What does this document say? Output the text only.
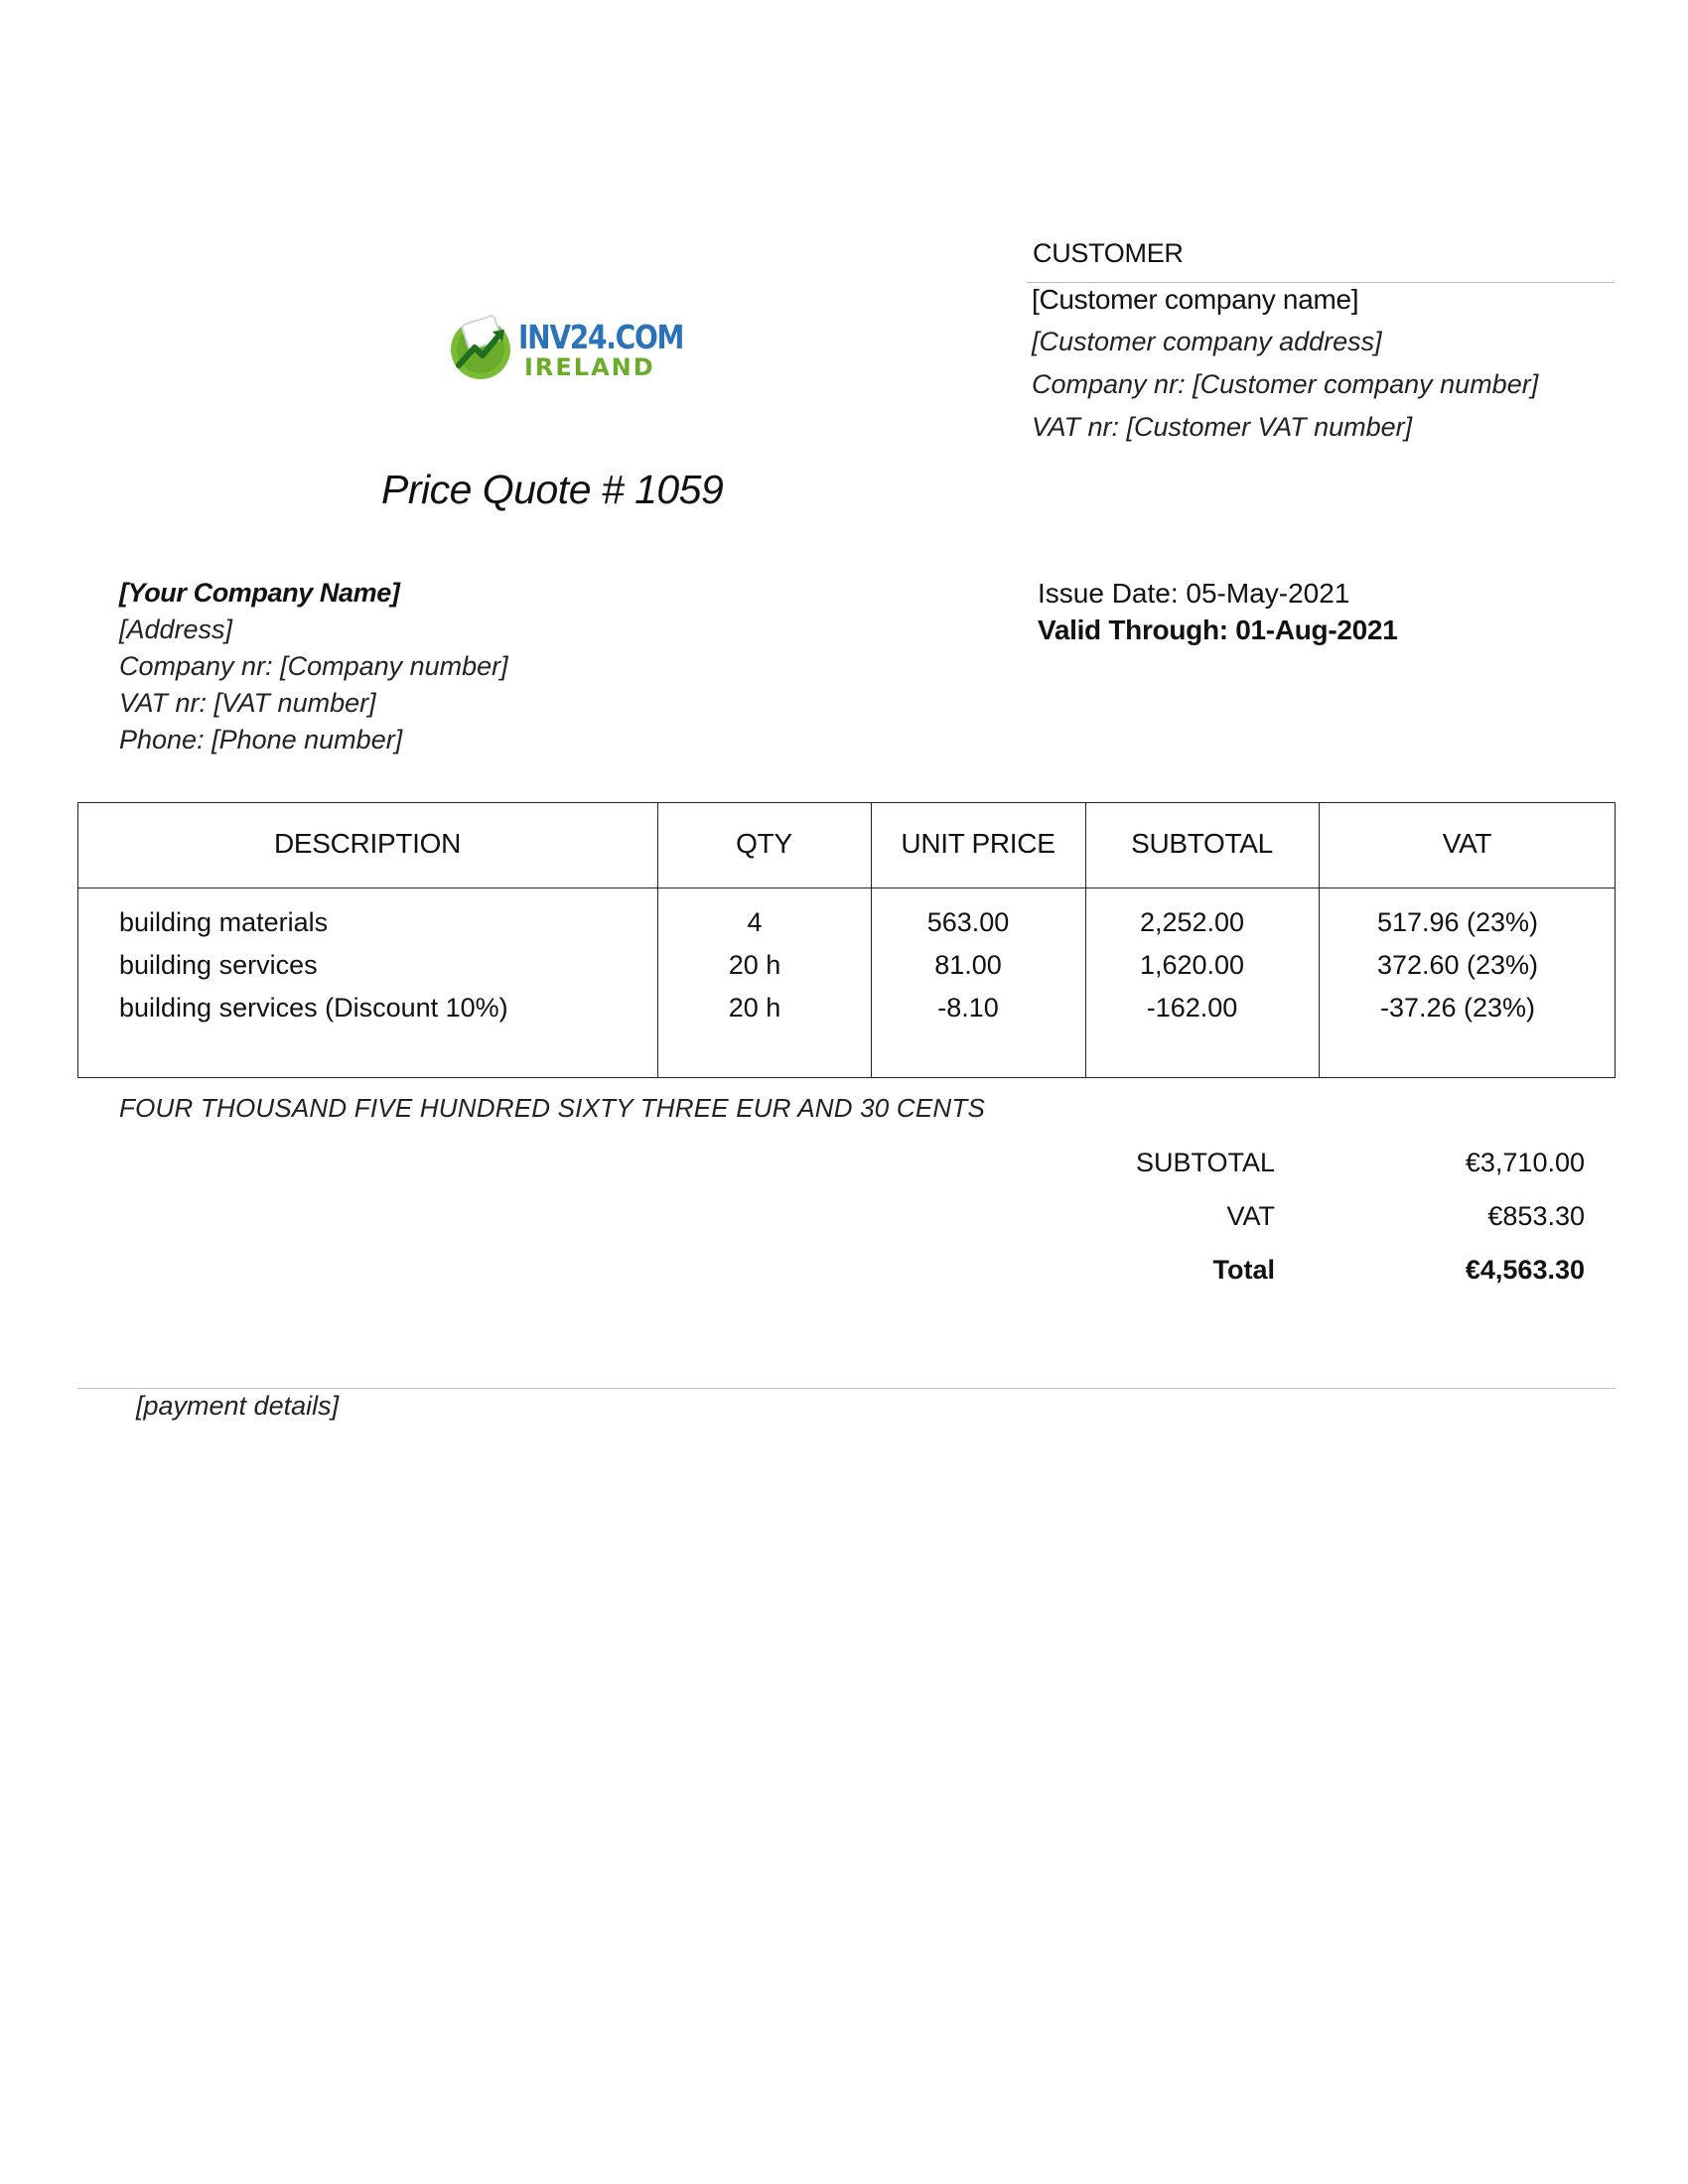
CUSTOMER
[Customer company name]
[Customer company address]
Company nr: [Customer company number]
VAT nr: [Customer VAT number]
INV24.COM
IRELAND
Price Quote # 1059
[Your Company Name]
[Address]
Company nr: [Company number]
VAT nr: [VAT number]
Phone: [Phone number]
Issue Date: 05-May-2021
Valid Through: 01-Aug-2021
DESCRIPTION	QTY	UNIT PRICE	SUBTOTAL	VAT
building materials	4	563.00	2,252.00	517.96 (23%)
building services	20 h	81.00	1,620.00	372.60 (23%)
building services (Discount 10%)	20 h	-8.10	-162.00	-37.26 (23%)
FOUR THOUSAND FIVE HUNDRED SIXTY THREE EUR AND 30 CENTS
SUBTOTAL	€3,710.00
VAT	€853.30
Total	€4,563.30
[payment details]
